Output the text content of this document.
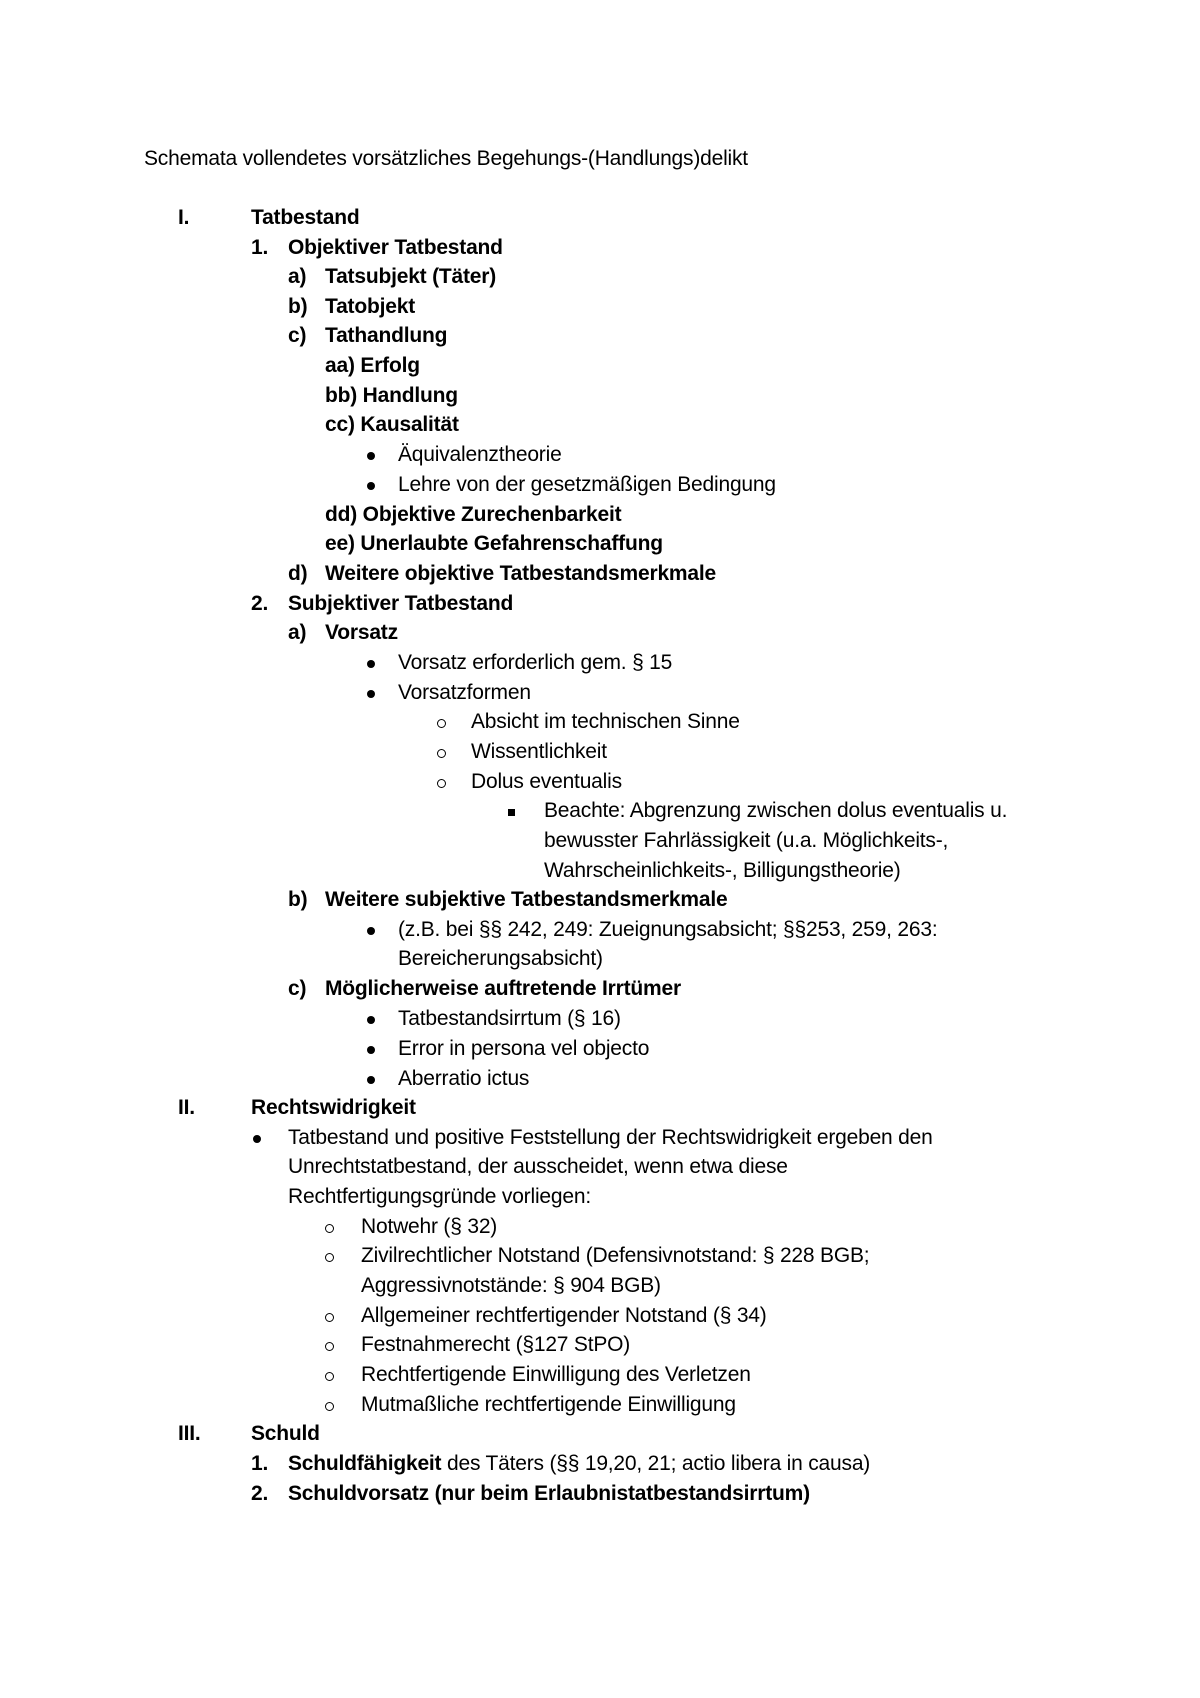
Schemata vollendetes vorsätzliches Begehungs-(Handlungs)delikt
I.	Tatbestand
1. Objektiver Tatbestand
a) Tatsubjekt (Täter)
b) Tatobjekt
c) Tathandlung
aa) Erfolg
bb) Handlung
cc) Kausalität
Äquivalenztheorie
Lehre von der gesetzmäßigen Bedingung
dd) Objektive Zurechenbarkeit
ee) Unerlaubte Gefahrenschaffung
d) Weitere objektive Tatbestandsmerkmale
2. Subjektiver Tatbestand
a) Vorsatz
Vorsatz erforderlich gem. § 15
Vorsatzformen
Absicht im technischen Sinne
Wissentlichkeit
Dolus eventualis
Beachte: Abgrenzung zwischen dolus eventualis u.
bewusster Fahrlässigkeit (u.a. Möglichkeits-,
Wahrscheinlichkeits-, Billigungstheorie)
b) Weitere subjektive Tatbestandsmerkmale
(z.B. bei §§ 242, 249: Zueignungsabsicht; §§253, 259, 263:
Bereicherungsabsicht)
c) Möglicherweise auftretende Irrtümer
Tatbestandsirrtum (§ 16)
Error in persona vel objecto
Aberratio ictus
II.	Rechtswidrigkeit
Tatbestand und positive Feststellung der Rechtswidrigkeit ergeben den
Unrechtstatbestand, der ausscheidet, wenn etwa diese
Rechtfertigungsgründe vorliegen:
Notwehr (§ 32)
Zivilrechtlicher Notstand (Defensivnotstand: § 228 BGB;
Aggressivnotstände: § 904 BGB)
Allgemeiner rechtfertigender Notstand (§ 34)
Festnahmerecht (§127 StPO)
Rechtfertigende Einwilligung des Verletzen
Mutmaßliche rechtfertigende Einwilligung
III. Schuld
1. Schuldfähigkeit des Täters (§§ 19,20, 21; actio libera in causa)
2. Schuldvorsatz (nur beim Erlaubnistatbestandsirrtum)
